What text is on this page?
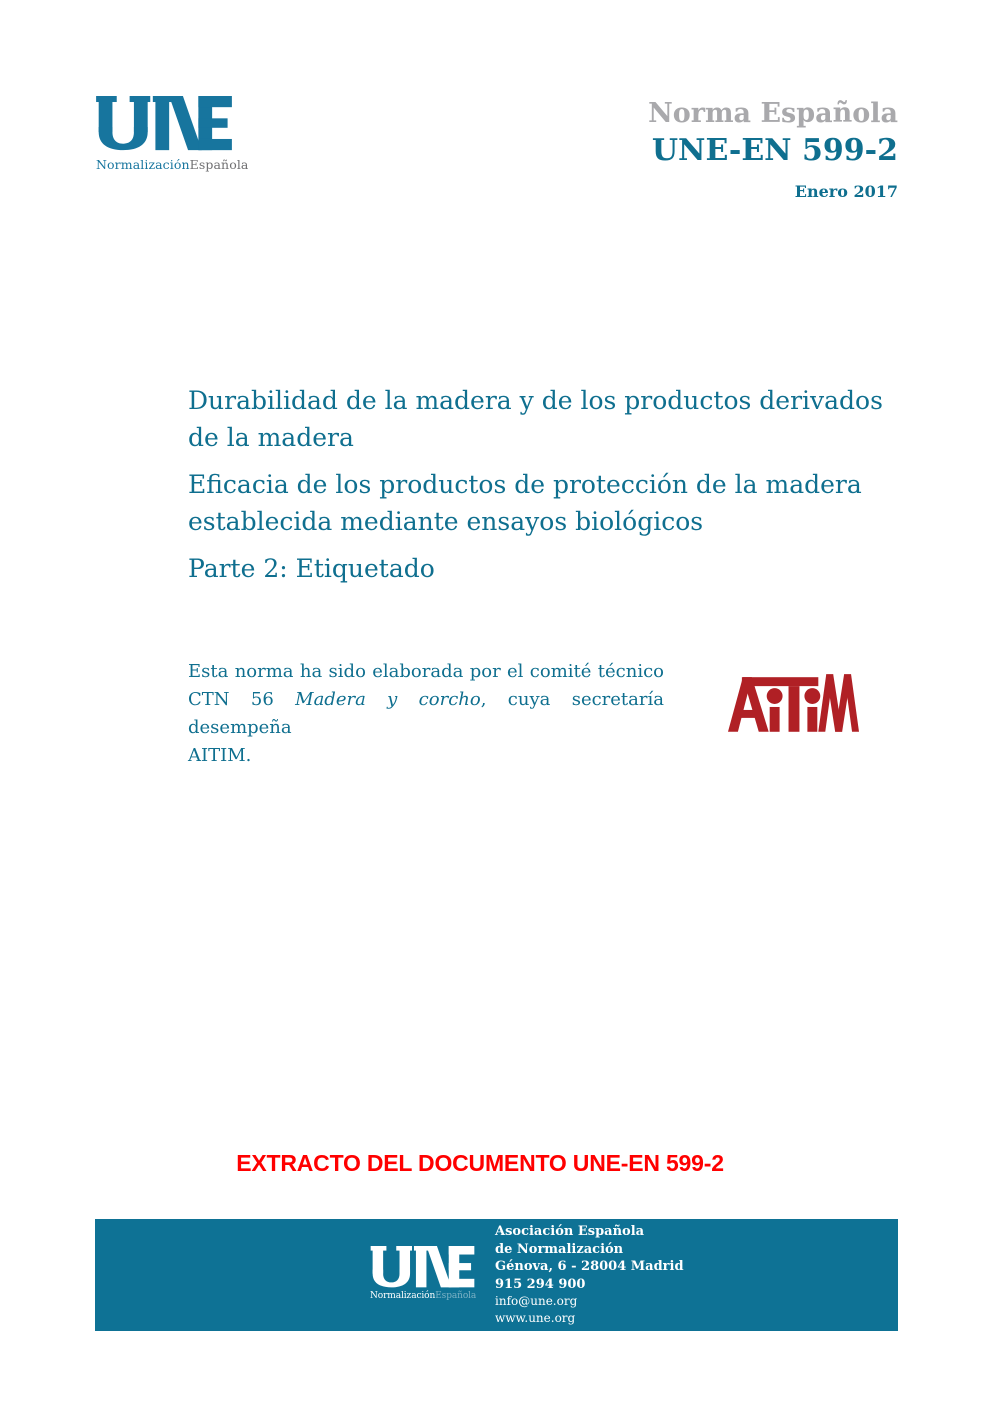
NormalizaciónEspañola
Norma Española
UNE-EN 599-2
Enero 2017

Durabilidad de la madera y de los productos derivados de la madera

Eficacia de los productos de protección de la madera establecida mediante ensayos biológicos

Parte 2: Etiquetado

Esta norma ha sido elaborada por el comité técnico
CTN 56 Madera y corcho, cuya secretaría desempeña
AITIM.
EXTRACTO DEL DOCUMENTO UNE-EN 599-2
NormalizaciónEspañola
Asociación Española
de Normalización
Génova, 6 - 28004 Madrid
915 294 900
info@une.org
www.une.org
